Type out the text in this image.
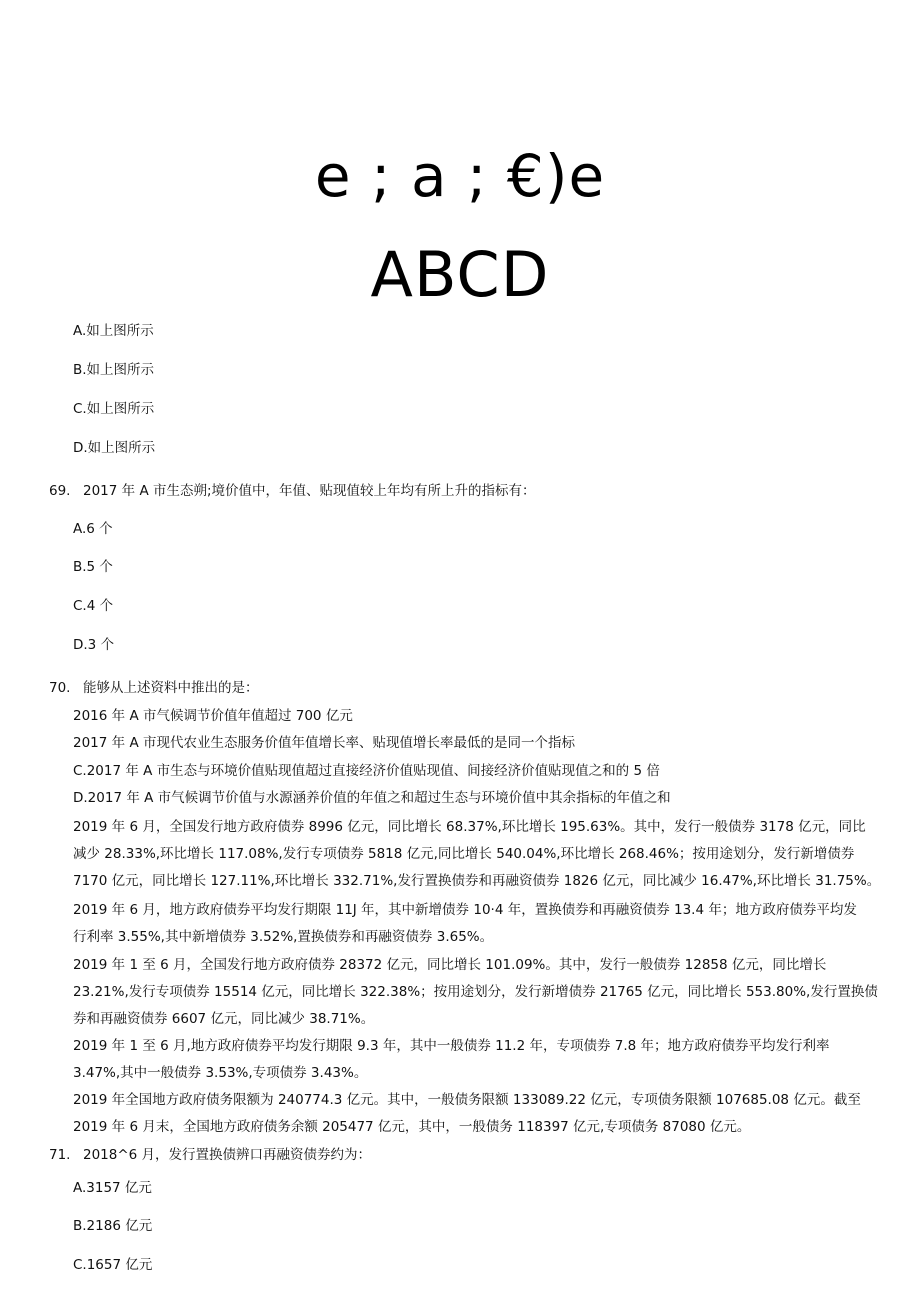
e ; a ; €)e
ABCD
A.如上图所示
B.如上图所示
C.如上图所示
D.如上图所示
69. 2017 年 A 市生态朔;境价值中，年值、贴现值较上年均有所上升的指标有：
A.6 个
B.5 个
C.4 个
D.3 个
70. 能够从上述资料中推出的是：
2016 年 A 市气候调节价值年值超过 700 亿元
2017 年 A 市现代农业生态服务价值年值增长率、贴现值增长率最低的是同一个指标
C.2017 年 A 市生态与环境价值贴现值超过直接经济价值贴现值、间接经济价值贴现值之和的 5 倍
D.2017 年 A 市气候调节价值与水源涵养价值的年值之和超过生态与环境价值中其余指标的年值之和
2019 年 6 月，全国发行地方政府债券 8996 亿元，同比增长 68.37%,环比增长 195.63%。其中，发行一般债券 3178 亿元，同比
减少 28.33%,环比增长 117.08%,发行专项债券 5818 亿元,同比增长 540.04%,环比增长 268.46%；按用途划分，发行新增债券
7170 亿元，同比增长 127.11%,环比增长 332.71%,发行置换债券和再融资债券 1826 亿元，同比减少 16.47%,环比增长 31.75%。
2019 年 6 月，地方政府债券平均发行期限 11J 年，其中新增债券 10·4 年，置换债券和再融资债券 13.4 年；地方政府债券平均发
行利率 3.55%,其中新增债券 3.52%,置换债券和再融资债券 3.65%。
2019 年 1 至 6 月，全国发行地方政府债券 28372 亿元，同比增长 101.09%。其中，发行一般债券 12858 亿元，同比增长
23.21%,发行专项债券 15514 亿元，同比增长 322.38%；按用途划分，发行新增债券 21765 亿元，同比增长 553.80%,发行置换债
券和再融资债券 6607 亿元，同比减少 38.71%。
2019 年 1 至 6 月,地方政府债券平均发行期限 9.3 年，其中一般债券 11.2 年，专项债券 7.8 年；地方政府债券平均发行利率
3.47%,其中一般债券 3.53%,专项债券 3.43%。
2019 年全国地方政府债务限额为 240774.3 亿元。其中，一般债务限额 133089.22 亿元，专项债务限额 107685.08 亿元。截至
2019 年 6 月末，全国地方政府债务余额 205477 亿元，其中，一般债务 118397 亿元,专项债务 87080 亿元。
71. 2018^6 月，发行置换债辨口再融资债券约为：
A.3157 亿元
B.2186 亿元
C.1657 亿元
